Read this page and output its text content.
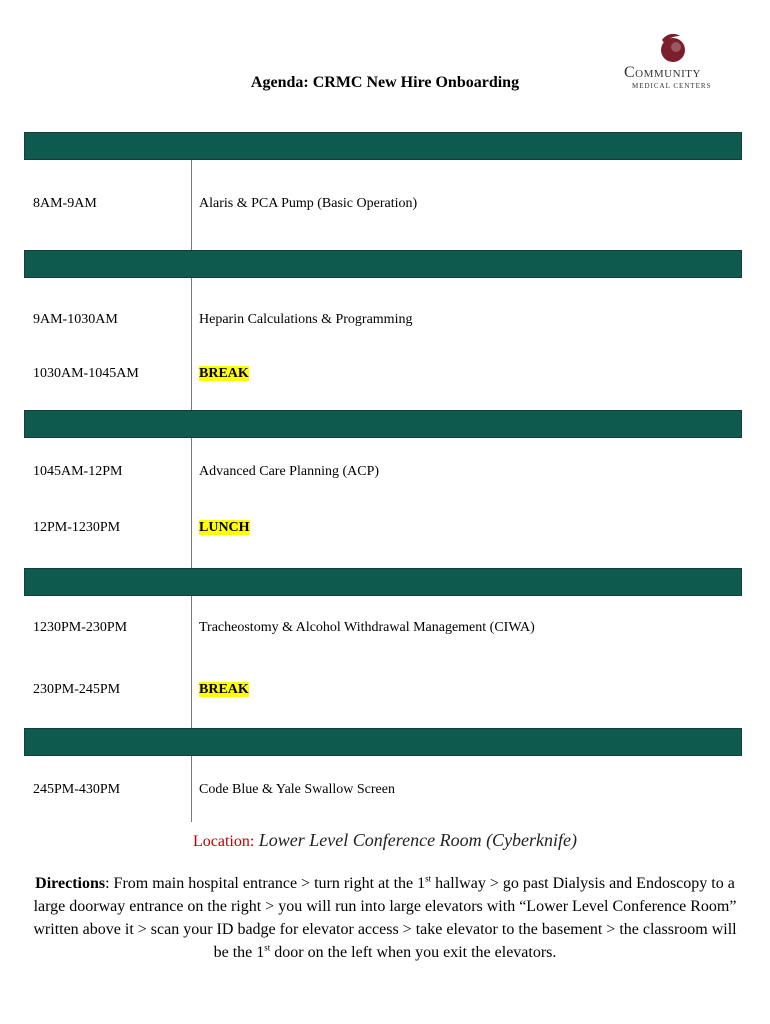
Agenda: CRMC New Hire Onboarding
Community
MEDICAL CENTERS
8AM-9AM	Alaris & PCA Pump (Basic Operation)
9AM-1030AM	Heparin Calculations & Programming
1030AM-1045AM	BREAK
1045AM-12PM	Advanced Care Planning (ACP)
12PM-1230PM	LUNCH
1230PM-230PM	Tracheostomy & Alcohol Withdrawal Management (CIWA)
230PM-245PM	BREAK
245PM-430PM	Code Blue & Yale Swallow Screen
Location: Lower Level Conference Room (Cyberknife)
Directions: From main hospital entrance > turn right at the 1st hallway > go past Dialysis and Endoscopy to a large doorway entrance on the right > you will run into large elevators with “Lower Level Conference Room” written above it > scan your ID badge for elevator access > take elevator to the basement > the classroom will be the 1st door on the left when you exit the elevators.
